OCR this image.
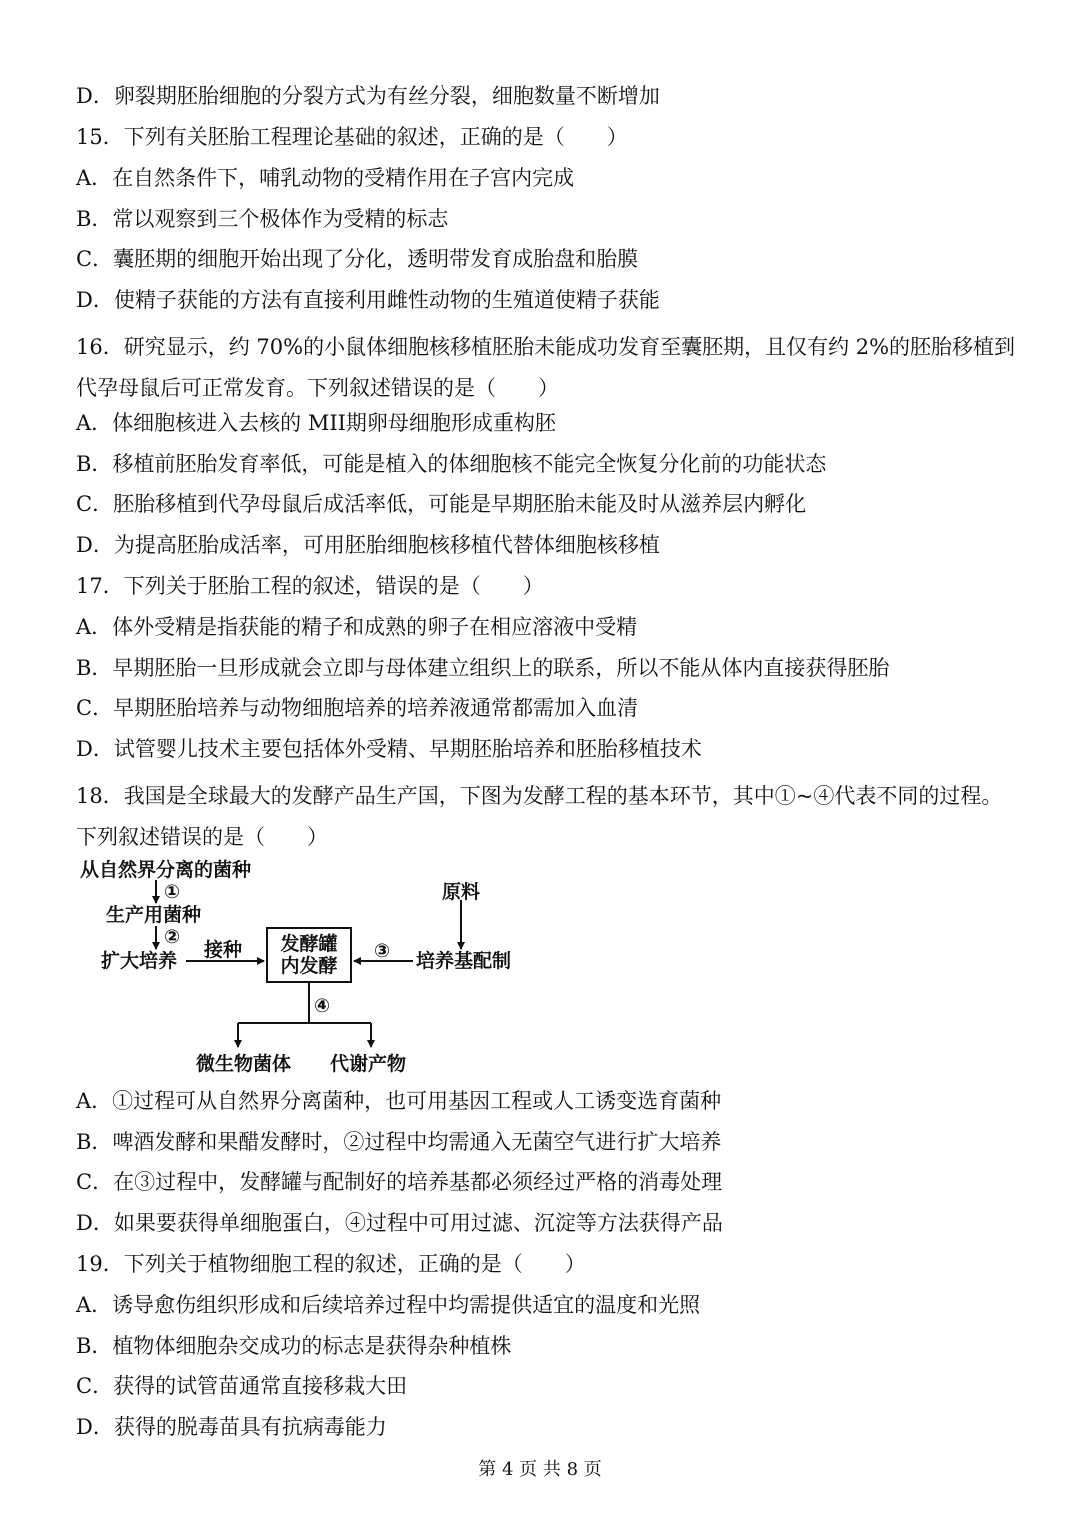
D．卵裂期胚胎细胞的分裂方式为有丝分裂，细胞数量不断增加
15．下列有关胚胎工程理论基础的叙述，正确的是（　　）
A．在自然条件下，哺乳动物的受精作用在子宫内完成
B．常以观察到三个极体作为受精的标志
C．囊胚期的细胞开始出现了分化，透明带发育成胎盘和胎膜
D．使精子获能的方法有直接利用雌性动物的生殖道使精子获能
16．研究显示，约 70%的小鼠体细胞核移植胚胎未能成功发育至囊胚期，且仅有约 2%的胚胎移植到代孕母鼠后可正常发育。下列叙述错误的是（　　）
A．体细胞核进入去核的 MII期卵母细胞形成重构胚
B．移植前胚胎发育率低，可能是植入的体细胞核不能完全恢复分化前的功能状态
C．胚胎移植到代孕母鼠后成活率低，可能是早期胚胎未能及时从滋养层内孵化
D．为提高胚胎成活率，可用胚胎细胞核移植代替体细胞核移植
17．下列关于胚胎工程的叙述，错误的是（　　）
A．体外受精是指获能的精子和成熟的卵子在相应溶液中受精
B．早期胚胎一旦形成就会立即与母体建立组织上的联系，所以不能从体内直接获得胚胎
C．早期胚胎培养与动物细胞培养的培养液通常都需加入血清
D．试管婴儿技术主要包括体外受精、早期胚胎培养和胚胎移植技术
18．我国是全球最大的发酵产品生产国，下图为发酵工程的基本环节，其中①~④代表不同的过程。下列叙述错误的是（　　）
从自然界分离的菌种
①
生产用菌种
②
扩大培养 接种 发酵罐
内发酵
③
原料
培养基配制
④
微生物菌体 代谢产物
A．①过程可从自然界分离菌种，也可用基因工程或人工诱变选育菌种
B．啤酒发酵和果醋发酵时，②过程中均需通入无菌空气进行扩大培养
C．在③过程中，发酵罐与配制好的培养基都必须经过严格的消毒处理
D．如果要获得单细胞蛋白，④过程中可用过滤、沉淀等方法获得产品
19．下列关于植物细胞工程的叙述，正确的是（　　）
A．诱导愈伤组织形成和后续培养过程中均需提供适宜的温度和光照
B．植物体细胞杂交成功的标志是获得杂种植株
C．获得的试管苗通常直接移栽大田
D．获得的脱毒苗具有抗病毒能力
第 4 页 共 8 页
